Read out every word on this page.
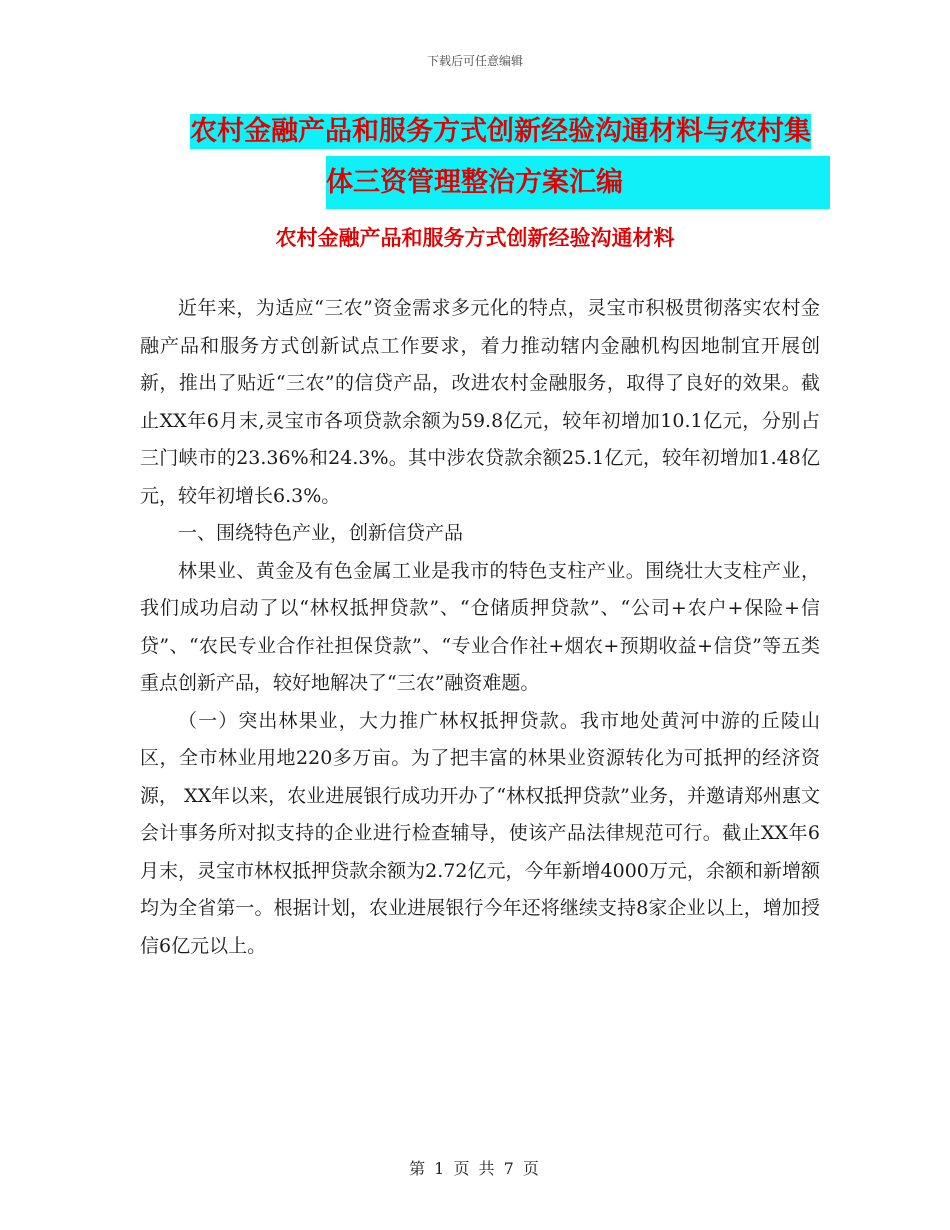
下载后可任意编辑
农村金融产品和服务方式创新经验沟通材料与农村集
体三资管理整治方案汇编
农村金融产品和服务方式创新经验沟通材料

近年来，为适应“三农”资金需求多元化的特点，灵宝市积极贯彻落实农村金融产品和服务方式创新试点工作要求，着力推动辖内金融机构因地制宜开展创新，推出了贴近“三农”的信贷产品，改进农村金融服务，取得了良好的效果。截止XX年6月末,灵宝市各项贷款余额为59.8亿元，较年初增加10.1亿元，分别占三门峡市的23.36%和24.3%。其中涉农贷款余额25.1亿元，较年初增加1.48亿元，较年初增长6.3%。

一、围绕特色产业，创新信贷产品

林果业、黄金及有色金属工业是我市的特色支柱产业。围绕壮大支柱产业，我们成功启动了以“林权抵押贷款”、“仓储质押贷款”、“公司+农户+保险+信贷”、“农民专业合作社担保贷款”、“专业合作社+烟农+预期收益+信贷”等五类重点创新产品，较好地解决了“三农”融资难题。

（一）突出林果业，大力推广林权抵押贷款。我市地处黄河中游的丘陵山区，全市林业用地220多万亩。为了把丰富的林果业资源转化为可抵押的经济资源， XX年以来，农业进展银行成功开办了“林权抵押贷款”业务，并邀请郑州惠文会计事务所对拟支持的企业进行检查辅导，使该产品法律规范可行。截止XX年6月末，灵宝市林权抵押贷款余额为2.72亿元，今年新增4000万元，余额和新增额均为全省第一。根据计划，农业进展银行今年还将继续支持8家企业以上，增加授信6亿元以上。

第 1 页 共 7 页
